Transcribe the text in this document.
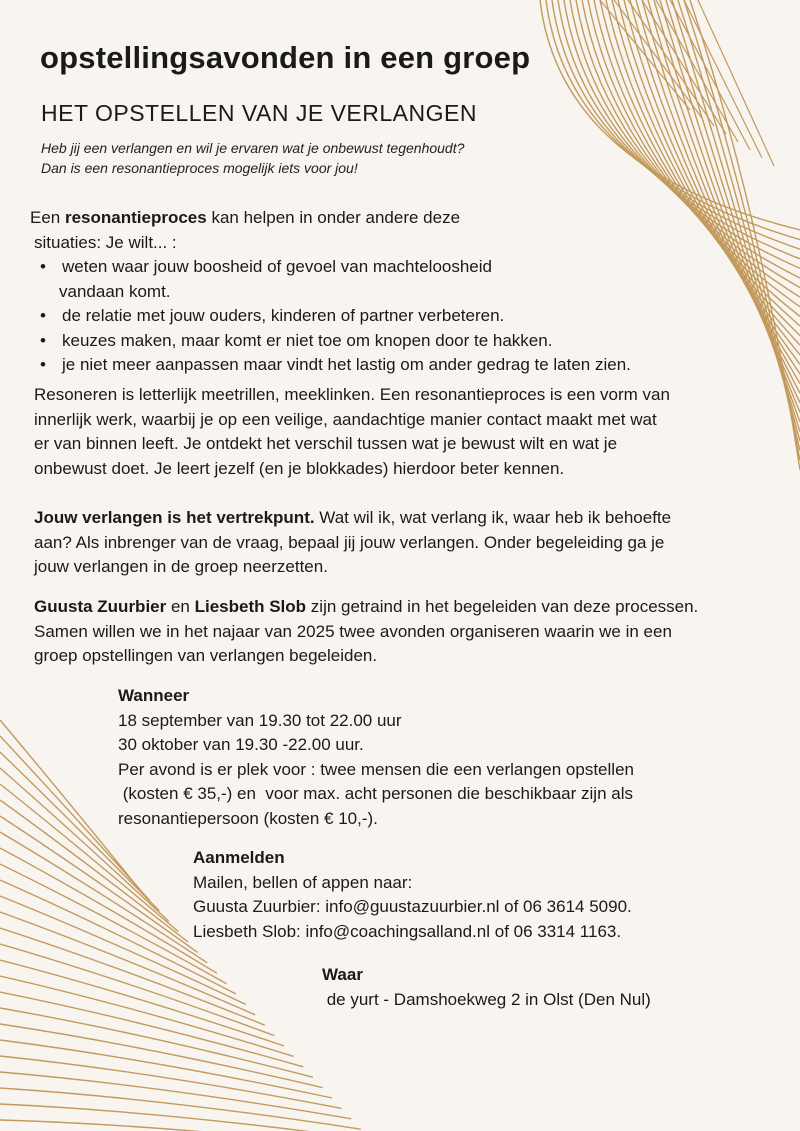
opstellingsavonden in een groep
HET OPSTELLEN VAN JE VERLANGEN
Heb jij een verlangen en wil je ervaren wat je onbewust tegenhoudt?
Dan is een resonantieproces mogelijk iets voor jou!
Een resonantieproces kan helpen in onder andere deze
situaties: Je wilt... :
• weten waar jouw boosheid of gevoel van machteloosheid
vandaan komt.
• de relatie met jouw ouders, kinderen of partner verbeteren.
• keuzes maken, maar komt er niet toe om knopen door te hakken.
• je niet meer aanpassen maar vindt het lastig om ander gedrag te laten zien.
Resoneren is letterlijk meetrillen, meeklinken. Een resonantieproces is een vorm van
innerlijk werk, waarbij je op een veilige, aandachtige manier contact maakt met wat
er van binnen leeft. Je ontdekt het verschil tussen wat je bewust wilt en wat je
onbewust doet. Je leert jezelf (en je blokkades) hierdoor beter kennen.
Jouw verlangen is het vertrekpunt. Wat wil ik, wat verlang ik, waar heb ik behoefte
aan? Als inbrenger van de vraag, bepaal jij jouw verlangen. Onder begeleiding ga je
jouw verlangen in de groep neerzetten.
Guusta Zuurbier en Liesbeth Slob zijn getraind in het begeleiden van deze processen.
Samen willen we in het najaar van 2025 twee avonden organiseren waarin we in een
groep opstellingen van verlangen begeleiden.
Wanneer
18 september van 19.30 tot 22.00 uur
30 oktober van 19.30 -22.00 uur.
Per avond is er plek voor : twee mensen die een verlangen opstellen
(kosten € 35,-) en  voor max. acht personen die beschikbaar zijn als
resonantiepersoon (kosten € 10,-).
Aanmelden
Mailen, bellen of appen naar:
Guusta Zuurbier: info@guustazuurbier.nl of 06 3614 5090.
Liesbeth Slob: info@coachingsalland.nl of 06 3314 1163.
Waar
de yurt - Damshoekweg 2 in Olst (Den Nul)
